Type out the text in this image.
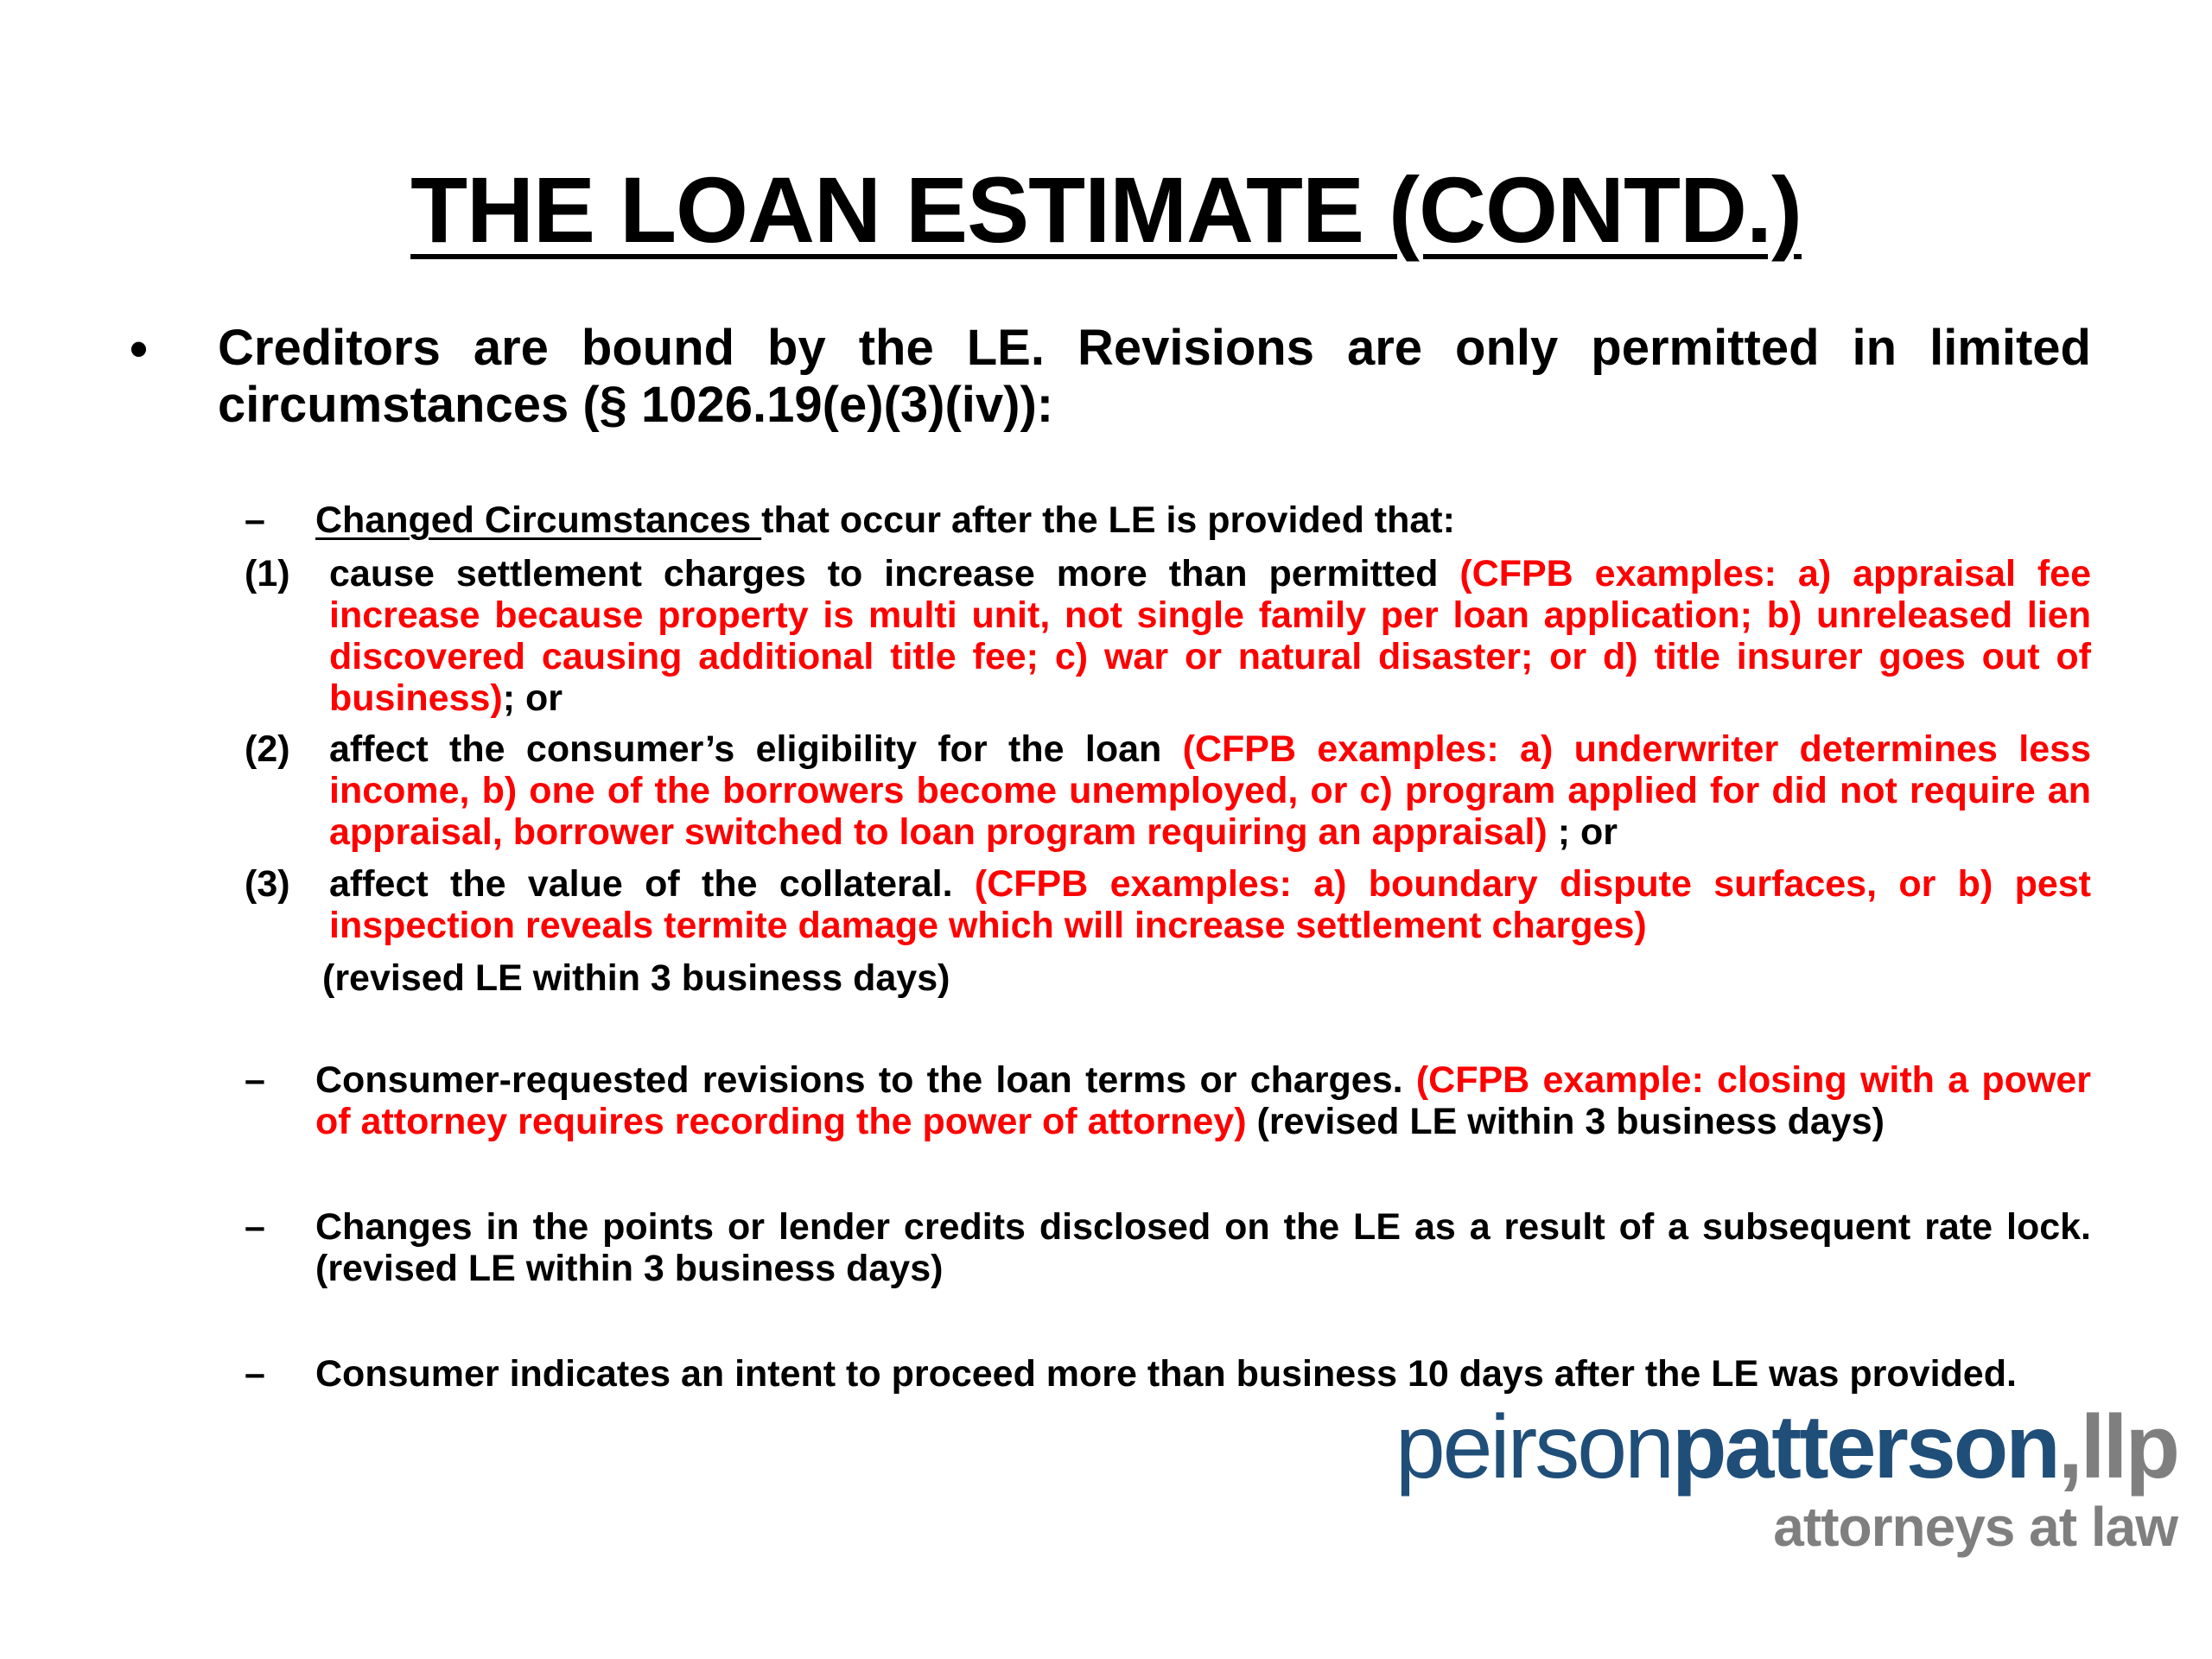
THE LOAN ESTIMATE (CONTD.)
• Creditors are bound by the LE. Revisions are only permitted in limited circumstances (§ 1026.19(e)(3)(iv)):
– Changed Circumstances that occur after the LE is provided that:
(1) cause settlement charges to increase more than permitted (CFPB examples: a) appraisal fee increase because property is multi unit, not single family per loan application; b) unreleased lien discovered causing additional title fee; c) war or natural disaster; or d) title insurer goes out of business); or
(2) affect the consumer’s eligibility for the loan (CFPB examples: a) underwriter determines less income, b) one of the borrowers become unemployed, or c) program applied for did not require an appraisal, borrower switched to loan program requiring an appraisal) ; or
(3) affect the value of the collateral. (CFPB examples: a) boundary dispute surfaces, or b) pest inspection reveals termite damage which will increase settlement charges)
(revised LE within 3 business days)
– Consumer-requested revisions to the loan terms or charges. (CFPB example: closing with a power of attorney requires recording the power of attorney) (revised LE within 3 business days)
– Changes in the points or lender credits disclosed on the LE as a result of a subsequent rate lock. (revised LE within 3 business days)
– Consumer indicates an intent to proceed more than business 10 days after the LE was provided.
peirsonpatterson,llp
attorneys at law
